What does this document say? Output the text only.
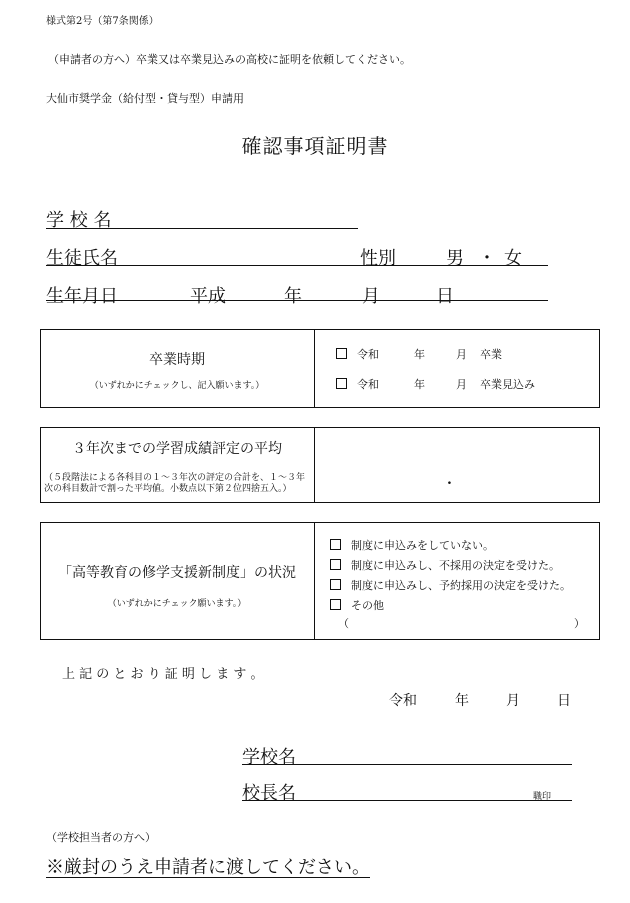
様式第2号（第7条関係）
（申請者の方へ）卒業又は卒業見込みの高校に証明を依頼してください。
大仙市奨学金（給付型・貸与型）申請用
確認事項証明書
学 校 名
生徒氏名	性別	男 ・ 女
生年月日	平成	年	月	日
卒業時期
（いずれかにチェックし、記入願います。）
令和	年	月 卒業
令和	年	月 卒業見込み
３年次までの学習成績評定の平均
（５段階法による各科目の１～３年次の評定の合計を、１～３年
次の科目数計で割った平均値。小数点以下第２位四捨五入。）
.
「高等教育の修学支援新制度」の状況
（いずれかにチェック願います。）
制度に申込みをしていない。
制度に申込みし、不採用の決定を受けた。
制度に申込みし、予約採用の決定を受けた。
その他
（	）
上 記 の と お り 証 明 し ま す 。
令和	年	月	日
学校名
校長名	職印
（学校担当者の方へ）
※厳封のうえ申請者に渡してください。
